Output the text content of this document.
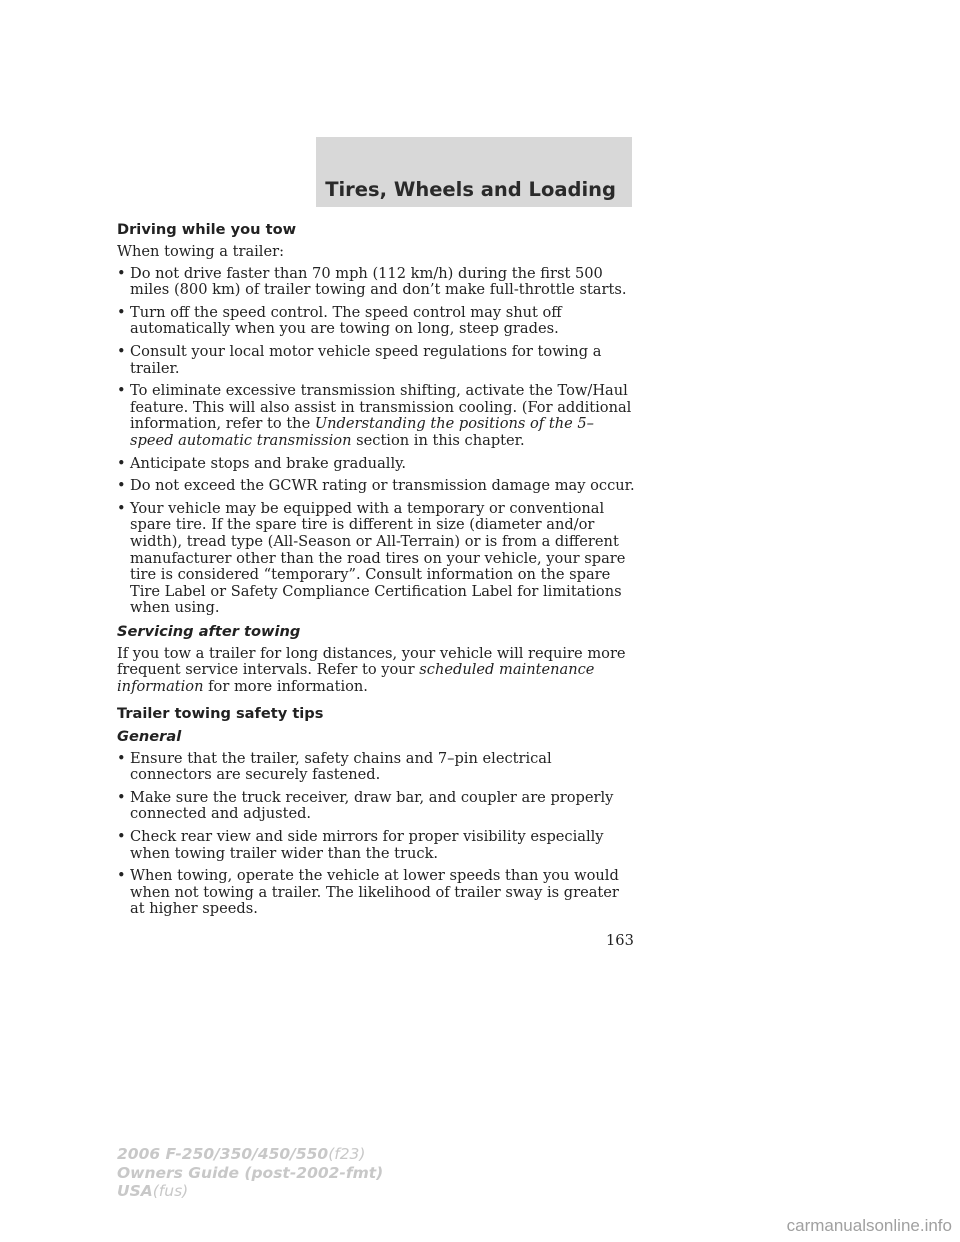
Tires, Wheels and Loading
Driving while you tow

When towing a trailer:

• Do not drive faster than 70 mph (112 km/h) during the first 500 miles (800 km) of trailer towing and don’t make full-throttle starts.
• Turn off the speed control. The speed control may shut off automatically when you are towing on long, steep grades.
• Consult your local motor vehicle speed regulations for towing a trailer.
• To eliminate excessive transmission shifting, activate the Tow/Haul feature. This will also assist in transmission cooling. (For additional information, refer to the Understanding the positions of the 5–speed automatic transmission section in this chapter.
• Anticipate stops and brake gradually.
• Do not exceed the GCWR rating or transmission damage may occur.
• Your vehicle may be equipped with a temporary or conventional spare tire. If the spare tire is different in size (diameter and/or width), tread type (All-Season or All-Terrain) or is from a different manufacturer other than the road tires on your vehicle, your spare tire is considered “temporary”. Consult information on the spare Tire Label or Safety Compliance Certification Label for limitations when using.
Servicing after towing

If you tow a trailer for long distances, your vehicle will require more frequent service intervals. Refer to your scheduled maintenance information for more information.

Trailer towing safety tips
General
• Ensure that the trailer, safety chains and 7–pin electrical connectors are securely fastened.
• Make sure the truck receiver, draw bar, and coupler are properly connected and adjusted.
• Check rear view and side mirrors for proper visibility especially when towing trailer wider than the truck.
• When towing, operate the vehicle at lower speeds than you would when not towing a trailer. The likelihood of trailer sway is greater at higher speeds.
163
2006 F-250/350/450/550(f23)
Owners Guide (post-2002-fmt)
USA(fus)
carmanualsonline.info
